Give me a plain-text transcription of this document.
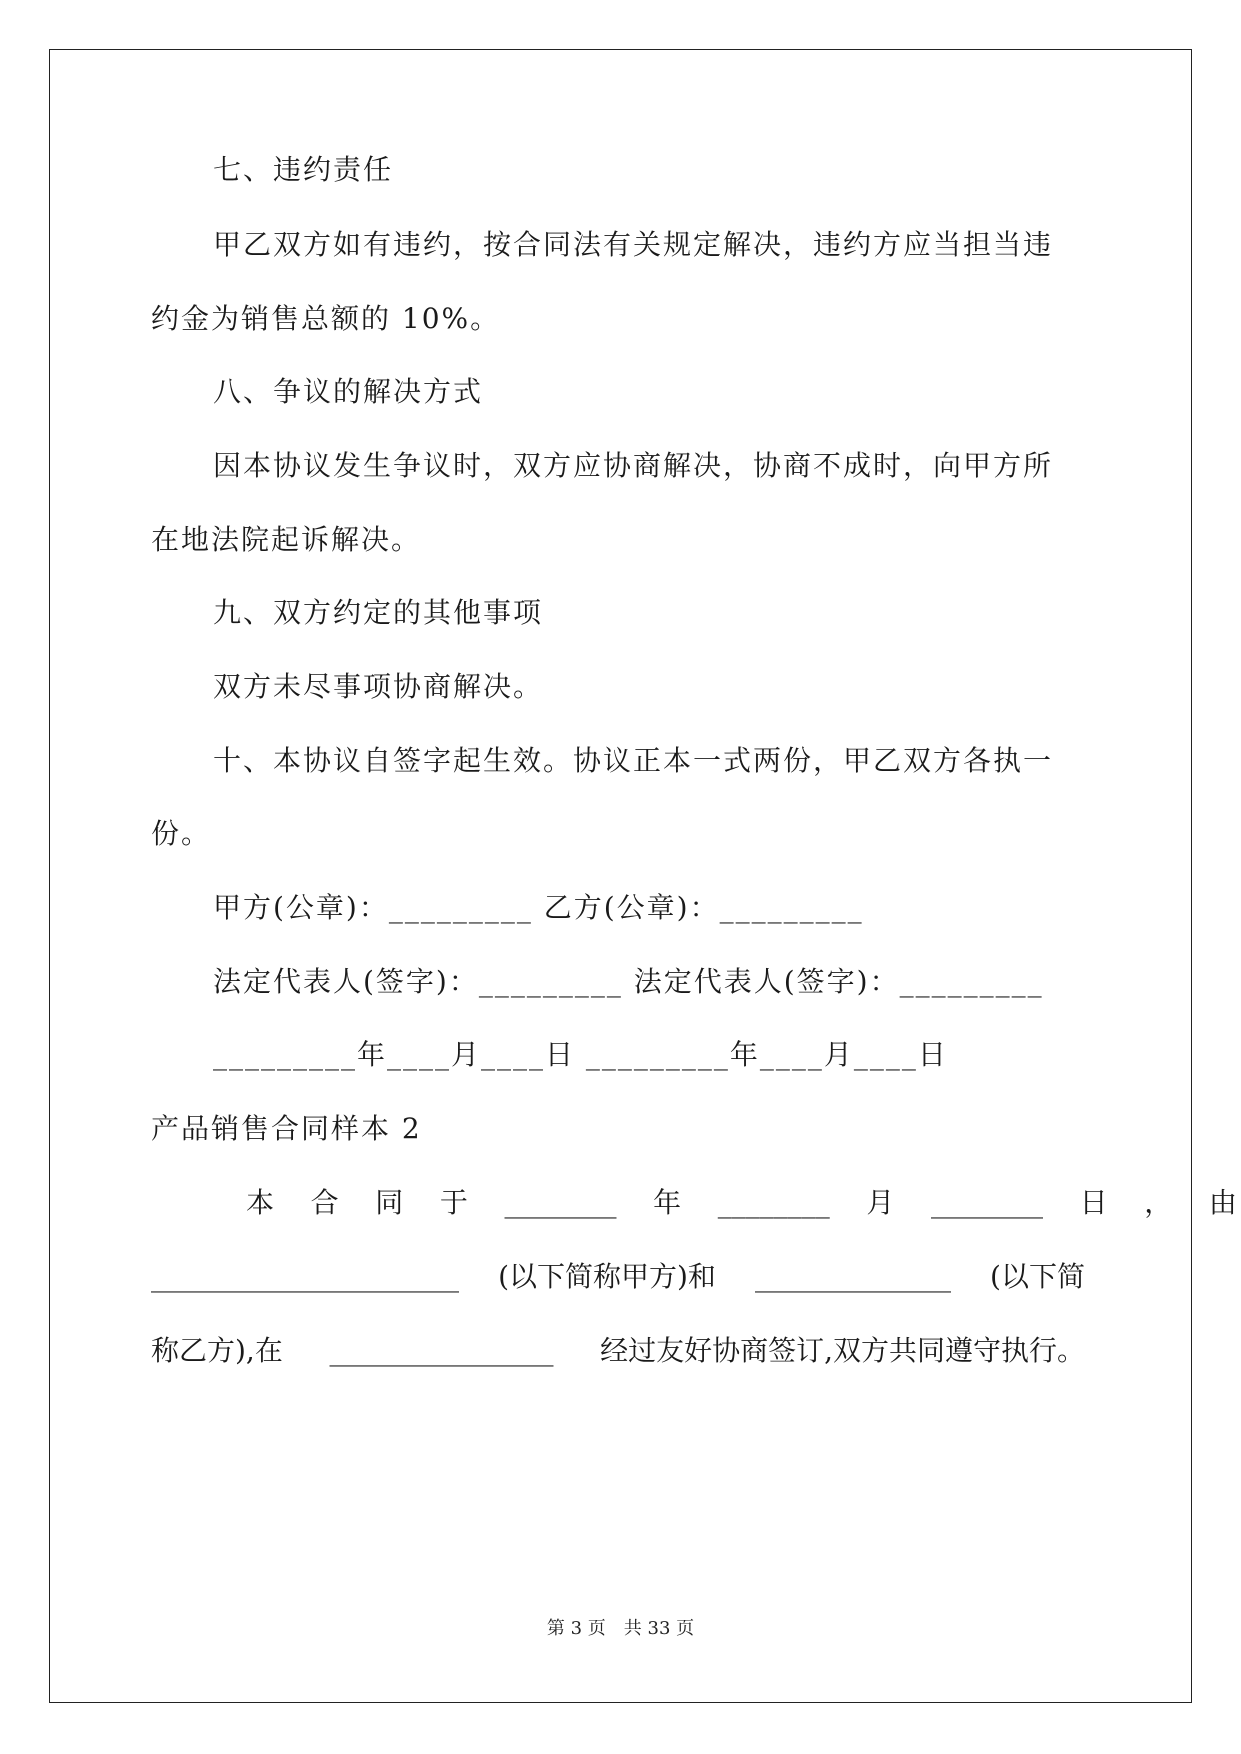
七、违约责任
甲乙双方如有违约，按合同法有关规定解决，违约方应当担当违
约金为销售总额的 10%。
八、争议的解决方式
因本协议发生争议时，双方应协商解决，协商不成时，向甲方所
在地法院起诉解决。
九、双方约定的其他事项
双方未尽事项协商解决。
十、本协议自签字起生效。协议正本一式两份，甲乙双方各执一
份。
甲方(公章)：_________ 乙方(公章)：_________
法定代表人(签字)：_________ 法定代表人(签字)：_________
_________年____月____日 _________年____月____日
产品销售合同样本 2
本 合 同 于 ________ 年 ________ 月 ________ 日 ， 由
______________________ (以下简称甲方)和 ______________ (以下简
称乙方),在 ________________ 经过友好协商签订,双方共同遵守执行。
第 3 页　共 33 页
